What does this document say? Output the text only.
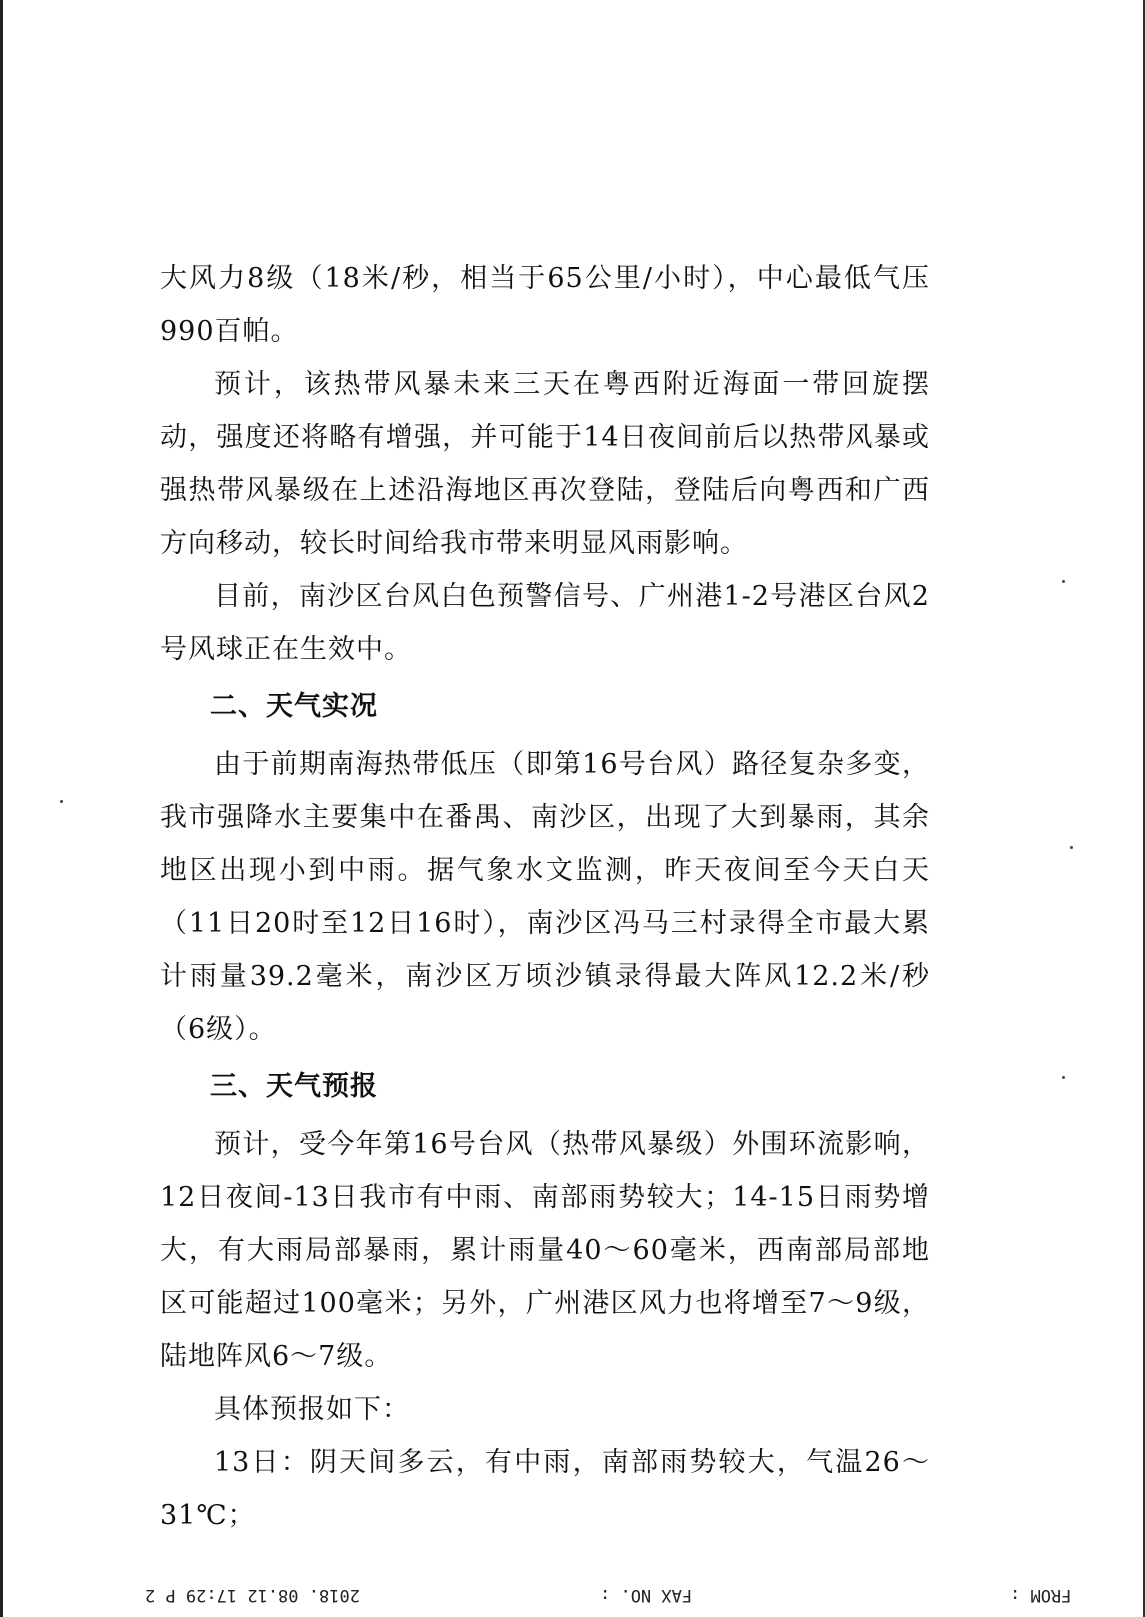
大风力8级（18米/秒，相当于65公里/小时），中心最低气压990百帕。

预计，该热带风暴未来三天在粤西附近海面一带回旋摆动，强度还将略有增强，并可能于14日夜间前后以热带风暴或强热带风暴级在上述沿海地区再次登陆，登陆后向粤西和广西方向移动，较长时间给我市带来明显风雨影响。

目前，南沙区台风白色预警信号、广州港1-2号港区台风2号风球正在生效中。

二、天气实况

由于前期南海热带低压（即第16号台风）路径复杂多变，我市强降水主要集中在番禺、南沙区，出现了大到暴雨，其余地区出现小到中雨。据气象水文监测，昨天夜间至今天白天（11日20时至12日16时），南沙区冯马三村录得全市最大累计雨量39.2毫米，南沙区万顷沙镇录得最大阵风12.2米/秒（6级）。

三、天气预报

预计，受今年第16号台风（热带风暴级）外围环流影响，12日夜间-13日我市有中雨、南部雨势较大；14-15日雨势增大，有大雨局部暴雨，累计雨量40～60毫米，西南部局部地区可能超过100毫米；另外，广州港区风力也将增至7～9级，陆地阵风6～7级。

具体预报如下：

13日：阴天间多云，有中雨，南部雨势较大，气温26～31℃；

2018. 08.12 17:29 P 2	FAX NO. :	FROM :
